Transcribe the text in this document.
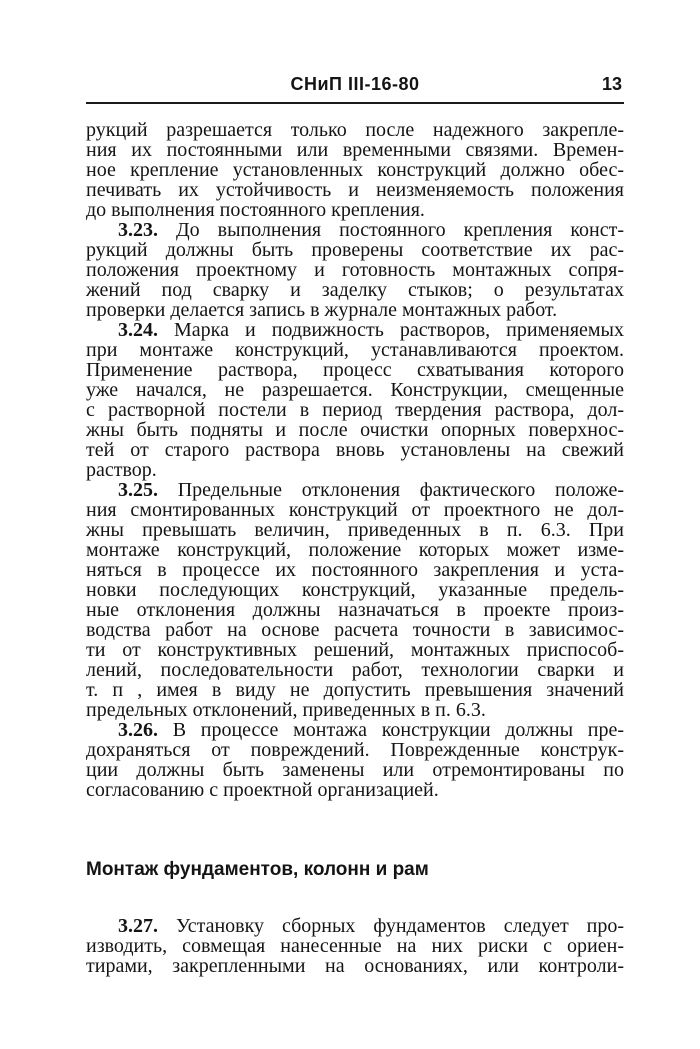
СНиП III-16-80	13
рукций разрешается только после надежного закрепле-
ния их постоянными или временными связями. Времен-
ное крепление установленных конструкций должно обес-
печивать их устойчивость и неизменяемость положения
до выполнения постоянного крепления.
3.23. До выполнения постоянного крепления конст-
рукций должны быть проверены соответствие их рас-
положения проектному и готовность монтажных сопря-
жений под сварку и заделку стыков; о результатах
проверки делается запись в журнале монтажных работ.
3.24. Марка и подвижность растворов, применяемых
при монтаже конструкций, устанавливаются проектом.
Применение раствора, процесс схватывания которого
уже начался, не разрешается. Конструкции, смещенные
с растворной постели в период твердения раствора, дол-
жны быть подняты и после очистки опорных поверхнос-
тей от старого раствора вновь установлены на свежий
раствор.
3.25. Предельные отклонения фактического положе-
ния смонтированных конструкций от проектного не дол-
жны превышать величин, приведенных в п. 6.3. При
монтаже конструкций, положение которых может изме-
няться в процессе их постоянного закрепления и уста-
новки последующих конструкций, указанные предель-
ные отклонения должны назначаться в проекте произ-
водства работ на основе расчета точности в зависимос-
ти от конструктивных решений, монтажных приспособ-
лений, последовательности работ, технологии сварки и
т. п , имея в виду не допустить превышения значений
предельных отклонений, приведенных в п. 6.3.
3.26. В процессе монтажа конструкции должны пре-
дохраняться от повреждений. Поврежденные конструк-
ции должны быть заменены или отремонтированы по
согласованию с проектной организацией.
Монтаж фундаментов, колонн и рам
3.27. Установку сборных фундаментов следует про-
изводить, совмещая нанесенные на них риски с ориен-
тирами, закрепленными на основаниях, или контроли-
